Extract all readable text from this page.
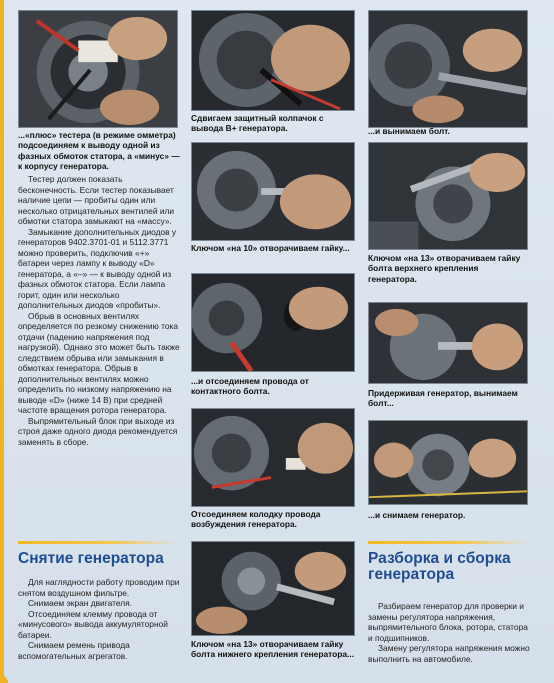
Сдвигаем защитный колпачок с вывода B+ генератора.	...и вынимаем болт.
...«плюс» тестера (в режиме омметра) подсоединяем к выводу одной из фазных обмоток статора, а «минус» — к корпусу генератора.

Тестер должен показать бесконечность. Если тестер показывает наличие цепи — пробиты один или несколько отрицательных вентилей или обмотки статора замыкают на «массу».

Замыкание дополнительных диодов у генераторов 9402.3701-01 и 5112.3771 можно проверить, подключив «+» батареи через лампу к выводу «D» генератора, а «–» — к выводу одной из фазных обмоток статора. Если лампа горит, один или несколько дополнительных диодов «пробиты».

Обрыв в основных вентилях определяется по резкому снижению тока отдачи (падению напряжения под нагрузкой). Однако это может быть также следствием обрыва или замыкания в обмотках генератора. Обрыв в дополнительных вентилях можно определить по низкому напряжению на выводе «D» (ниже 14 В) при средней частоте вращения ротора генератора.

Выпрямительный блок при выходе из строя даже одного диода рекомендуется заменять в сборе.

Ключом «на 10» отворачиваем гайку...
Ключом «на 13» отворачиваем гайку болта верхнего крепления генератора.
...и отсоединяем провода от контактного болта.	Придерживая генератор, вынимаем болт...
Отсоединяем колодку провода возбуждения генератора.
...и снимаем генератор.
Ключом «на 13» отворачиваем гайку болта нижнего крепления генератора...
Снятие генератора

Для наглядности работу проводим при снятом воздушном фильтре.

Снимаем экран двигателя.

Отсоединяем клемму провода от «минусового» вывода аккумуляторной батареи.

Снимаем ремень привода вспомогательных агрегатов.

Разборка и сборка
генератора

Разбираем генератор для проверки и замены регулятора напряжения, выпрямительного блока, ротора, статора и подшипников.

Замену регулятора напряжения можно выполнить на автомобиле.
